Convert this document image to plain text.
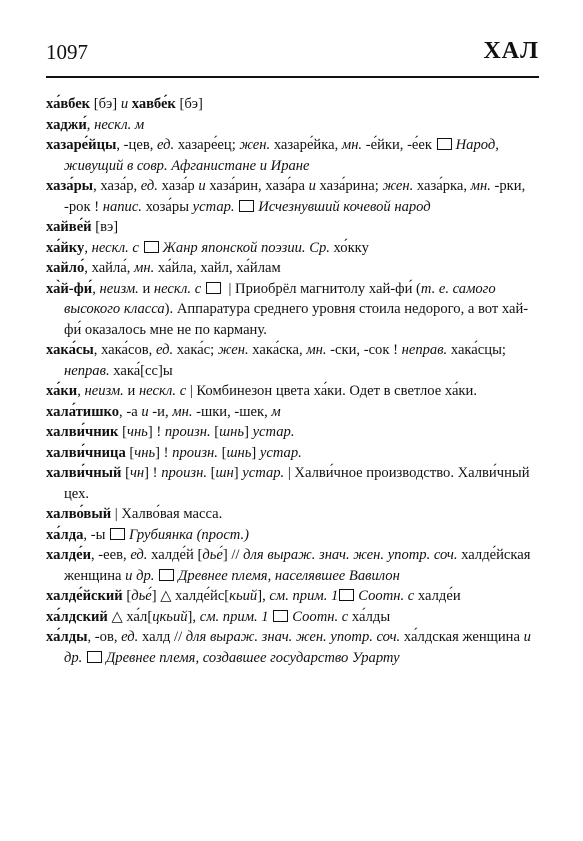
1097	ХАЛ
ха́вбек [бэ] и хавбе́к [бэ]
хаджи́, нескл. м
хазаре́йцы, -цев, ед. хазаре́ец; жен. хазаре́йка, мн. -е́йки, -е́ек Народ, живущий в совр. Афганистане и Иране
хаза́ры, хаза́р, ед. хаза́р и хаза́рин, хаза́ра и хаза́рина; жен. хаза́рка, мн. -рки, -рок ! напис. хоза́ры устар. Исчезнувший кочевой народ
хайве́й [вэ]
ха́йку, нескл. с Жанр японской поэзии. Ср. хо́кку
хайло́, хайла́, мн. ха́йла, хайл, ха́йлам
ха̀й-фи́, неизм. и нескл. с  | Приобрёл магнитолу хай-фи́ (т. е. самого высокого класса). Аппаратура среднего уровня стоила недорого, а вот хай-фи́ оказалось мне не по карману.
хака́сы, хака́сов, ед. хака́с; жен. хака́ска, мн. -ски, -сок ! неправ. хака́сцы; неправ. хака́[сс]ы
ха́ки, неизм. и нескл. с | Комбинезон цвета ха́ки. Одет в светлое ха́ки.
хала́тишко, -а и -и, мн. -шки, -шек, м
халви́чник [чнь] ! произн. [шнь] устар.
халви́чница [чнь] ! произн. [шнь] устар.
халви́чный [чн] ! произн. [шн] устар. | Халви́чное производство. Халви́чный цех.
халво́вый | Халво́вая масса.
ха́лда, -ы Грубиянка (прост.)
халде́и, -еев, ед. халде́й [дье́] // для выраж. знач. жен. употр. соч. халде́йская женщина и др. Древнее племя, населявшее Вавилон
халде́йский [дье́] △ халде́йс[кьий], см. прим. 1 Соотн. с халде́и
ха́лдский △ ха́л[цкьий], см. прим. 1 Соотн. с ха́лды
ха́лды, -ов, ед. халд // для выраж. знач. жен. употр. соч. ха́лдская женщина и др. Древнее племя, создавшее государство Урарту
